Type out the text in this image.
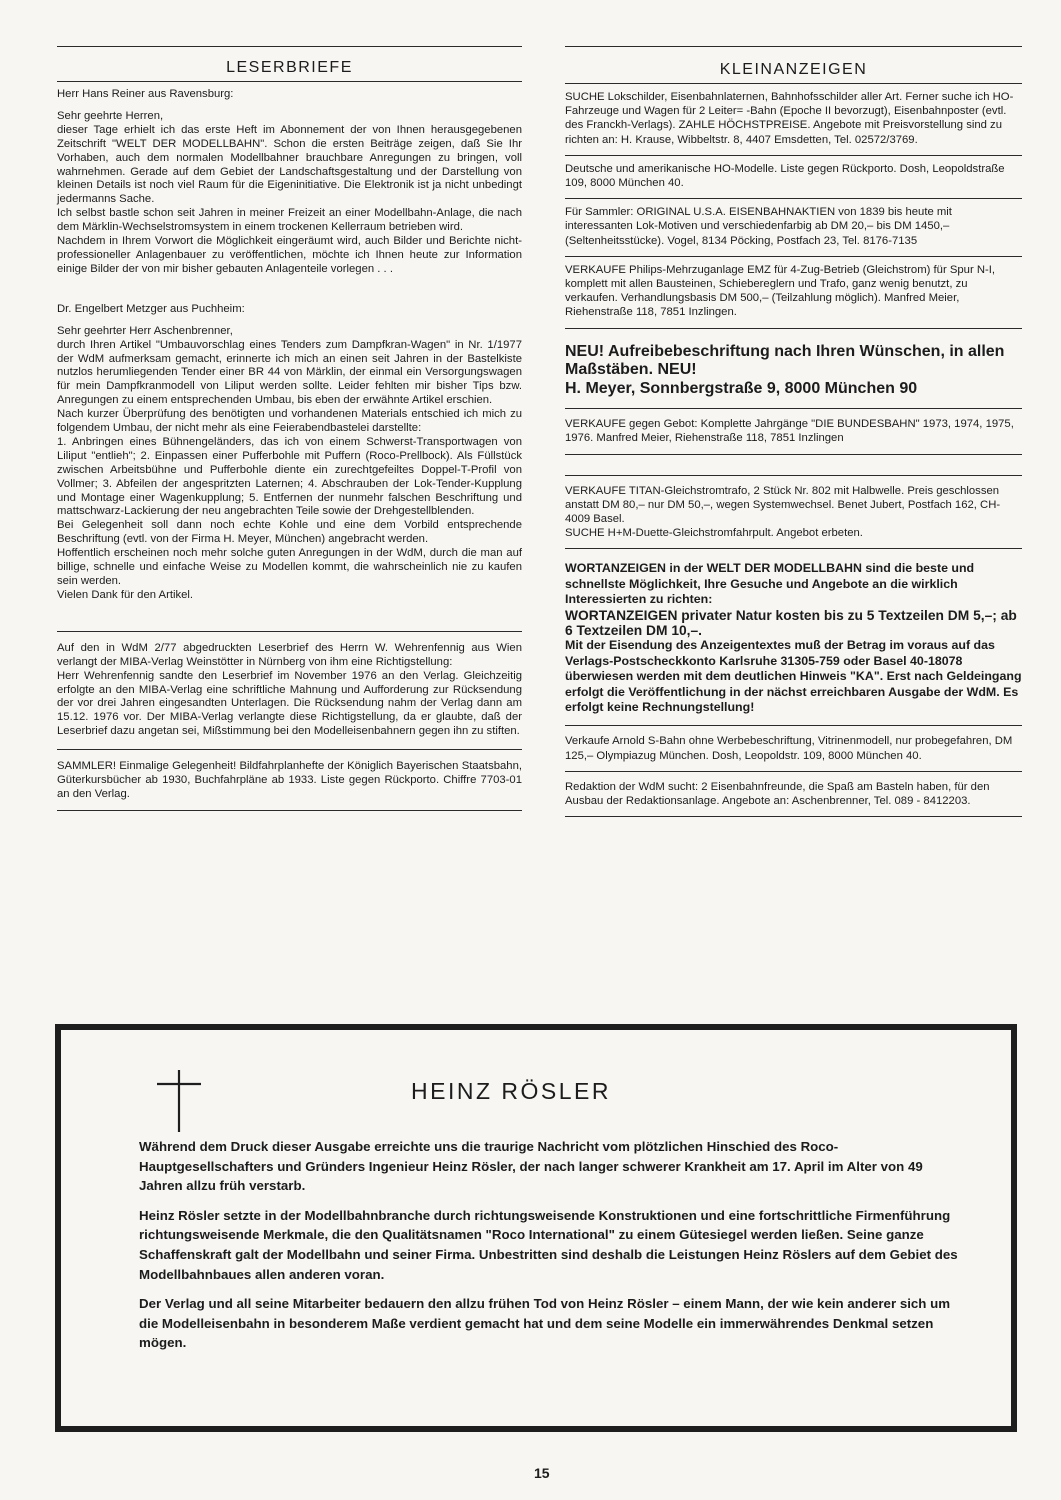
LESERBRIEFE

Herr Hans Reiner aus Ravensburg:

Sehr geehrte Herren,
dieser Tage erhielt ich das erste Heft im Abonnement der von Ihnen herausgegebenen Zeitschrift "WELT DER MODELLBAHN". Schon die ersten Beiträge zeigen, daß Sie Ihr Vorhaben, auch dem normalen Modellbahner brauchbare Anregungen zu bringen, voll wahrnehmen. Gerade auf dem Gebiet der Landschaftsgestaltung und der Darstellung von kleinen Details ist noch viel Raum für die Eigeninitiative. Die Elektronik ist ja nicht unbedingt jedermanns Sache.
Ich selbst bastle schon seit Jahren in meiner Freizeit an einer Modellbahn-Anlage, die nach dem Märklin-Wechselstromsystem in einem trockenen Kellerraum betrieben wird.
Nachdem in Ihrem Vorwort die Möglichkeit eingeräumt wird, auch Bilder und Berichte nicht-professioneller Anlagenbauer zu veröffentlichen, möchte ich Ihnen heute zur Information einige Bilder der von mir bisher gebauten Anlagenteile vorlegen . . .

Dr. Engelbert Metzger aus Puchheim:

Sehr geehrter Herr Aschenbrenner,
durch Ihren Artikel "Umbauvorschlag eines Tenders zum Dampfkran-Wagen" in Nr. 1/1977 der WdM aufmerksam gemacht, erinnerte ich mich an einen seit Jahren in der Bastelkiste nutzlos herumliegenden Tender einer BR 44 von Märklin, der einmal ein Versorgungswagen für mein Dampfkranmodell von Liliput werden sollte. Leider fehlten mir bisher Tips bzw. Anregungen zu einem entsprechenden Umbau, bis eben der erwähnte Artikel erschien.
Nach kurzer Überprüfung des benötigten und vorhandenen Materials entschied ich mich zu folgendem Umbau, der nicht mehr als eine Feierabendbastelei darstellte:
1. Anbringen eines Bühnengeländers, das ich von einem Schwerst-Transportwagen von Liliput "entlieh"; 2. Einpassen einer Pufferbohle mit Puffern (Roco-Prellbock). Als Füllstück zwischen Arbeitsbühne und Pufferbohle diente ein zurechtgefeiltes Doppel-T-Profil von Vollmer; 3. Abfeilen der angespritzten Laternen; 4. Abschrauben der Lok-Tender-Kupplung und Montage einer Wagenkupplung; 5. Entfernen der nunmehr falschen Beschriftung und mattschwarz-Lackierung der neu angebrachten Teile sowie der Drehgestellblenden.
Bei Gelegenheit soll dann noch echte Kohle und eine dem Vorbild entsprechende Beschriftung (evtl. von der Firma H. Meyer, München) angebracht werden.
Hoffentlich erscheinen noch mehr solche guten Anregungen in der WdM, durch die man auf billige, schnelle und einfache Weise zu Modellen kommt, die wahrscheinlich nie zu kaufen sein werden.
Vielen Dank für den Artikel.

Auf den in WdM 2/77 abgedruckten Leserbrief des Herrn W. Wehrenfennig aus Wien verlangt der MIBA-Verlag Weinstötter in Nürnberg von ihm eine Richtigstellung:
Herr Wehrenfennig sandte den Leserbrief im November 1976 an den Verlag. Gleichzeitig erfolgte an den MIBA-Verlag eine schriftliche Mahnung und Aufforderung zur Rücksendung der vor drei Jahren eingesandten Unterlagen. Die Rücksendung nahm der Verlag dann am 15.12. 1976 vor. Der MIBA-Verlag verlangte diese Richtigstellung, da er glaubte, daß der Leserbrief dazu angetan sei, Mißstimmung bei den Modelleisenbahnern gegen ihn zu stiften.

SAMMLER! Einmalige Gelegenheit! Bildfahrplanhefte der Königlich Bayerischen Staatsbahn, Güterkursbücher ab 1930, Buchfahrpläne ab 1933. Liste gegen Rückporto. Chiffre 7703-01 an den Verlag.

KLEINANZEIGEN

SUCHE Lokschilder, Eisenbahnlaternen, Bahnhofsschilder aller Art. Ferner suche ich HO-Fahrzeuge und Wagen für 2 Leiter= -Bahn (Epoche II bevorzugt), Eisenbahnposter (evtl. des Franckh-Verlags). ZAHLE HÖCHSTPREISE. Angebote mit Preisvorstellung sind zu richten an: H. Krause, Wibbeltstr. 8, 4407 Emsdetten, Tel. 02572/3769.

Deutsche und amerikanische HO-Modelle. Liste gegen Rückporto. Dosh, Leopoldstraße 109, 8000 München 40.

Für Sammler: ORIGINAL U.S.A. EISENBAHNAKTIEN von 1839 bis heute mit interessanten Lok-Motiven und verschiedenfarbig ab DM 20,– bis DM 1450,– (Seltenheitsstücke). Vogel, 8134 Pöcking, Postfach 23, Tel. 8176-7135

VERKAUFE Philips-Mehrzuganlage EMZ für 4-Zug-Betrieb (Gleichstrom) für Spur N-I, komplett mit allen Bausteinen, Schiebereglern und Trafo, ganz wenig benutzt, zu verkaufen. Verhandlungsbasis DM 500,– (Teilzahlung möglich). Manfred Meier, Riehenstraße 118, 7851 Inzlingen.

NEU! Aufreibebeschriftung nach Ihren Wünschen, in allen Maßstäben. NEU!
H. Meyer, Sonnbergstraße 9, 8000 München 90

VERKAUFE gegen Gebot: Komplette Jahrgänge "DIE BUNDESBAHN" 1973, 1974, 1975, 1976. Manfred Meier, Riehenstraße 118, 7851 Inzlingen

VERKAUFE TITAN-Gleichstromtrafo, 2 Stück Nr. 802 mit Halbwelle. Preis geschlossen anstatt DM 80,– nur DM 50,–, wegen Systemwechsel. Benet Jubert, Postfach 162, CH-4009 Basel.
SUCHE H+M-Duette-Gleichstromfahrpult. Angebot erbeten.

WORTANZEIGEN in der WELT DER MODELLBAHN sind die beste und schnellste Möglichkeit, Ihre Gesuche und Angebote an die wirklich Interessierten zu richten:

WORTANZEIGEN privater Natur kosten bis zu 5 Textzeilen DM 5,–; ab 6 Textzeilen DM 10,–.

Mit der Eisendung des Anzeigentextes muß der Betrag im voraus auf das Verlags-Postscheckkonto Karlsruhe 31305-759 oder Basel 40-18078 überwiesen werden mit dem deutlichen Hinweis "KA". Erst nach Geldeingang erfolgt die Veröffentlichung in der nächst erreichbaren Ausgabe der WdM. Es erfolgt keine Rechnungstellung!

Verkaufe Arnold S-Bahn ohne Werbebeschriftung, Vitrinenmodell, nur probegefahren, DM 125,– Olympiazug München. Dosh, Leopoldstr. 109, 8000 München 40.

Redaktion der WdM sucht: 2 Eisenbahnfreunde, die Spaß am Basteln haben, für den Ausbau der Redaktionsanlage. Angebote an: Aschenbrenner, Tel. 089 - 8412203.

HEINZ RÖSLER

Während dem Druck dieser Ausgabe erreichte uns die traurige Nachricht vom plötzlichen Hinschied des Roco-Hauptgesellschafters und Gründers Ingenieur Heinz Rösler, der nach langer schwerer Krankheit am 17. April im Alter von 49 Jahren allzu früh verstarb.

Heinz Rösler setzte in der Modellbahnbranche durch richtungsweisende Konstruktionen und eine fortschrittliche Firmenführung richtungsweisende Merkmale, die den Qualitätsnamen "Roco International" zu einem Gütesiegel werden ließen. Seine ganze Schaffenskraft galt der Modellbahn und seiner Firma. Unbestritten sind deshalb die Leistungen Heinz Röslers auf dem Gebiet des Modellbahnbaues allen anderen voran.

Der Verlag und all seine Mitarbeiter bedauern den allzu frühen Tod von Heinz Rösler – einem Mann, der wie kein anderer sich um die Modelleisenbahn in besonderem Maße verdient gemacht hat und dem seine Modelle ein immerwährendes Denkmal setzen mögen.

15
